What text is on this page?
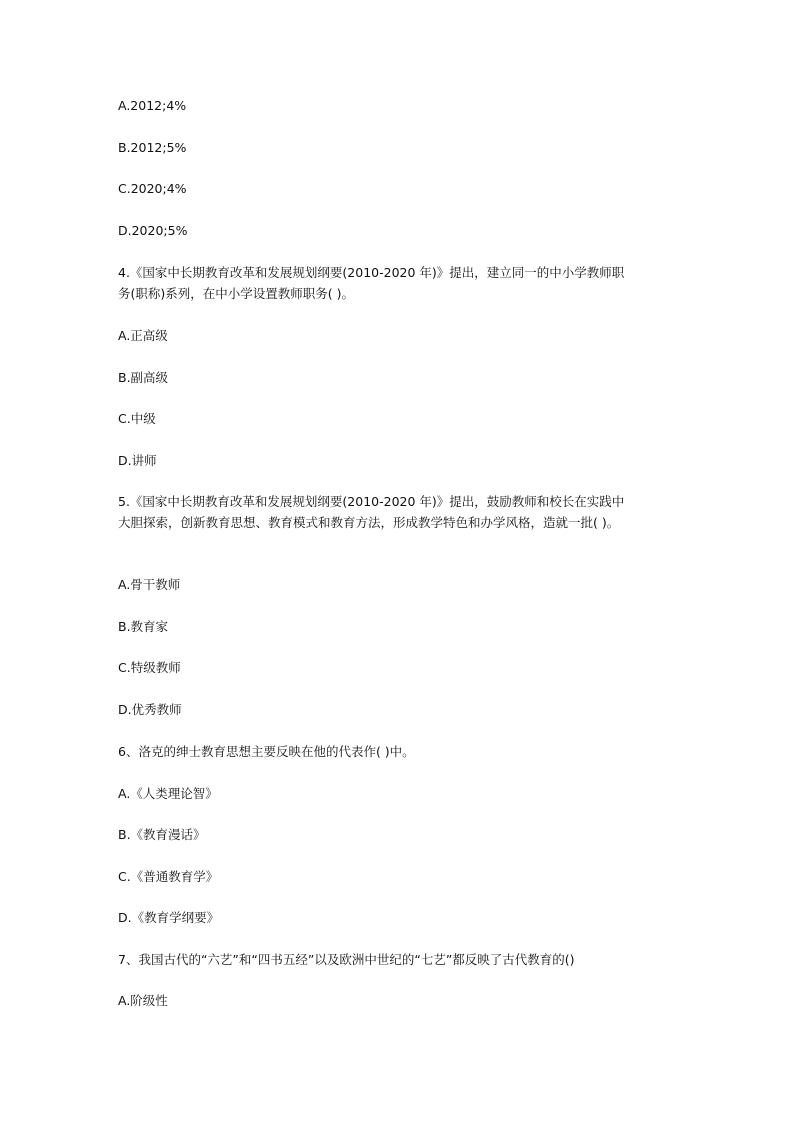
A.2012;4%
B.2012;5%
C.2020;4%
D.2020;5%
4.《国家中长期教育改革和发展规划纲要(2010-2020 年)》提出，建立同一的中小学教师职
务(职称)系列，在中小学设置教师职务( )。
A.正高级
B.副高级
C.中级
D.讲师
5.《国家中长期教育改革和发展规划纲要(2010-2020 年)》提出，鼓励教师和校长在实践中
大胆探索，创新教育思想、教育模式和教育方法，形成教学特色和办学风格，造就一批( )。
A.骨干教师
B.教育家
C.特级教师
D.优秀教师
6、洛克的绅士教育思想主要反映在他的代表作( )中。
A.《人类理论智》
B.《教育漫话》
C.《普通教育学》
D.《教育学纲要》
7、我国古代的“六艺”和“四书五经”以及欧洲中世纪的“七艺”都反映了古代教育的()
A.阶级性
